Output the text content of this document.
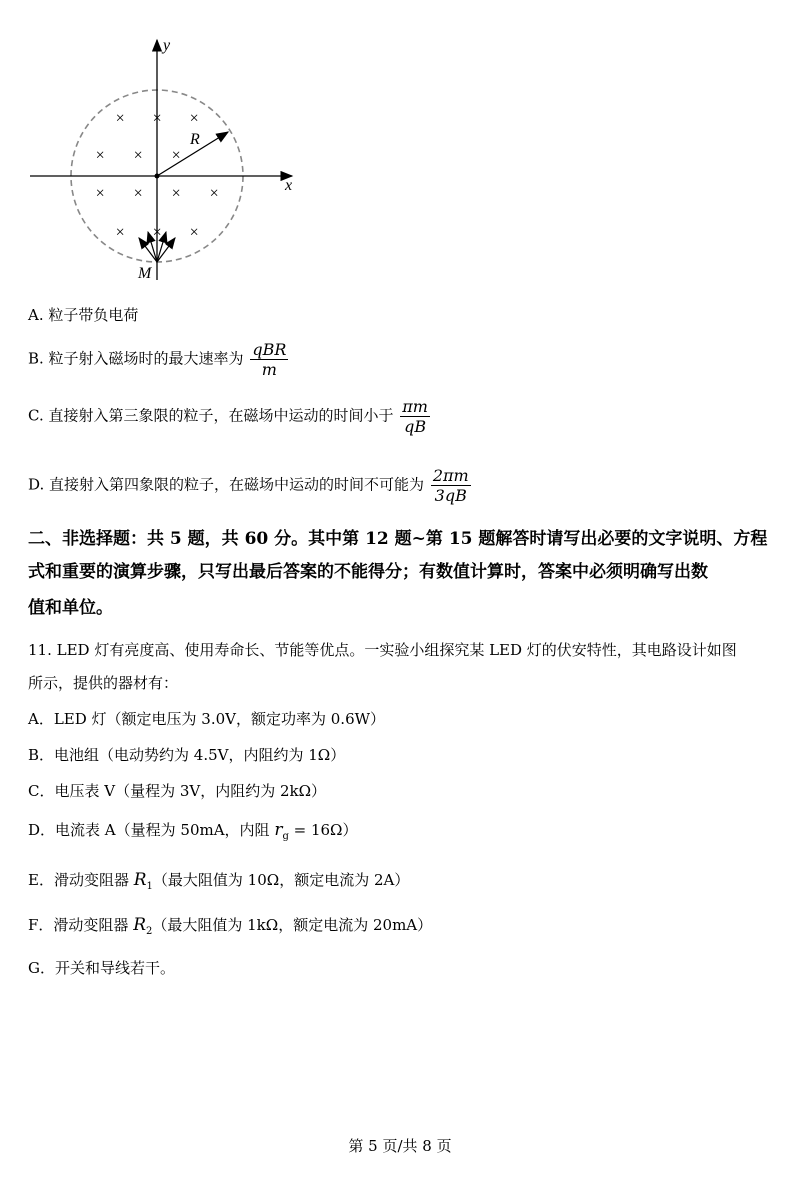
x
y
R
× × ×
× × ×
× × × ×
× × ×
M
A. 粒子带负电荷
B. 粒子射入磁场时的最大速率为 $\frac{\text{qBR}}{m}$
C. 直接射入第三象限的粒子，在磁场中运动的时间小于 $\frac{\pi m}{qB}$
D. 直接射入第四象限的粒子，在磁场中运动的时间不可能为 $\frac{2\pi m}{3qB}$
二、非选择题：共 5 题，共 60 分。其中第 12 题~第 15 题解答时请写出必要的文字说明、方程
式和重要的演算步骤，只写出最后答案的不能得分；有数值计算时，答案中必须明确写出数
值和单位。
11. LED 灯有亮度高、使用寿命长、节能等优点。一实验小组探究某 LED 灯的伏安特性，其电路设计如图
所示，提供的器材有：
A．LED 灯（额定电压为 3.0V，额定功率为 0.6W）
B．电池组（电动势约为 4.5V，内阻约为 1Ω）
C．电压表 V（量程为 3V，内阻约为 2kΩ）
D．电流表 A（量程为 50mA，内阻 $r_g = 16\Omega$）
E．滑动变阻器 $R_1$（最大阻值为 10Ω，额定电流为 2A）
F．滑动变阻器 $R_2$（最大阻值为 1kΩ，额定电流为 20mA）
G．开关和导线若干。
第 5 页/共 8 页
